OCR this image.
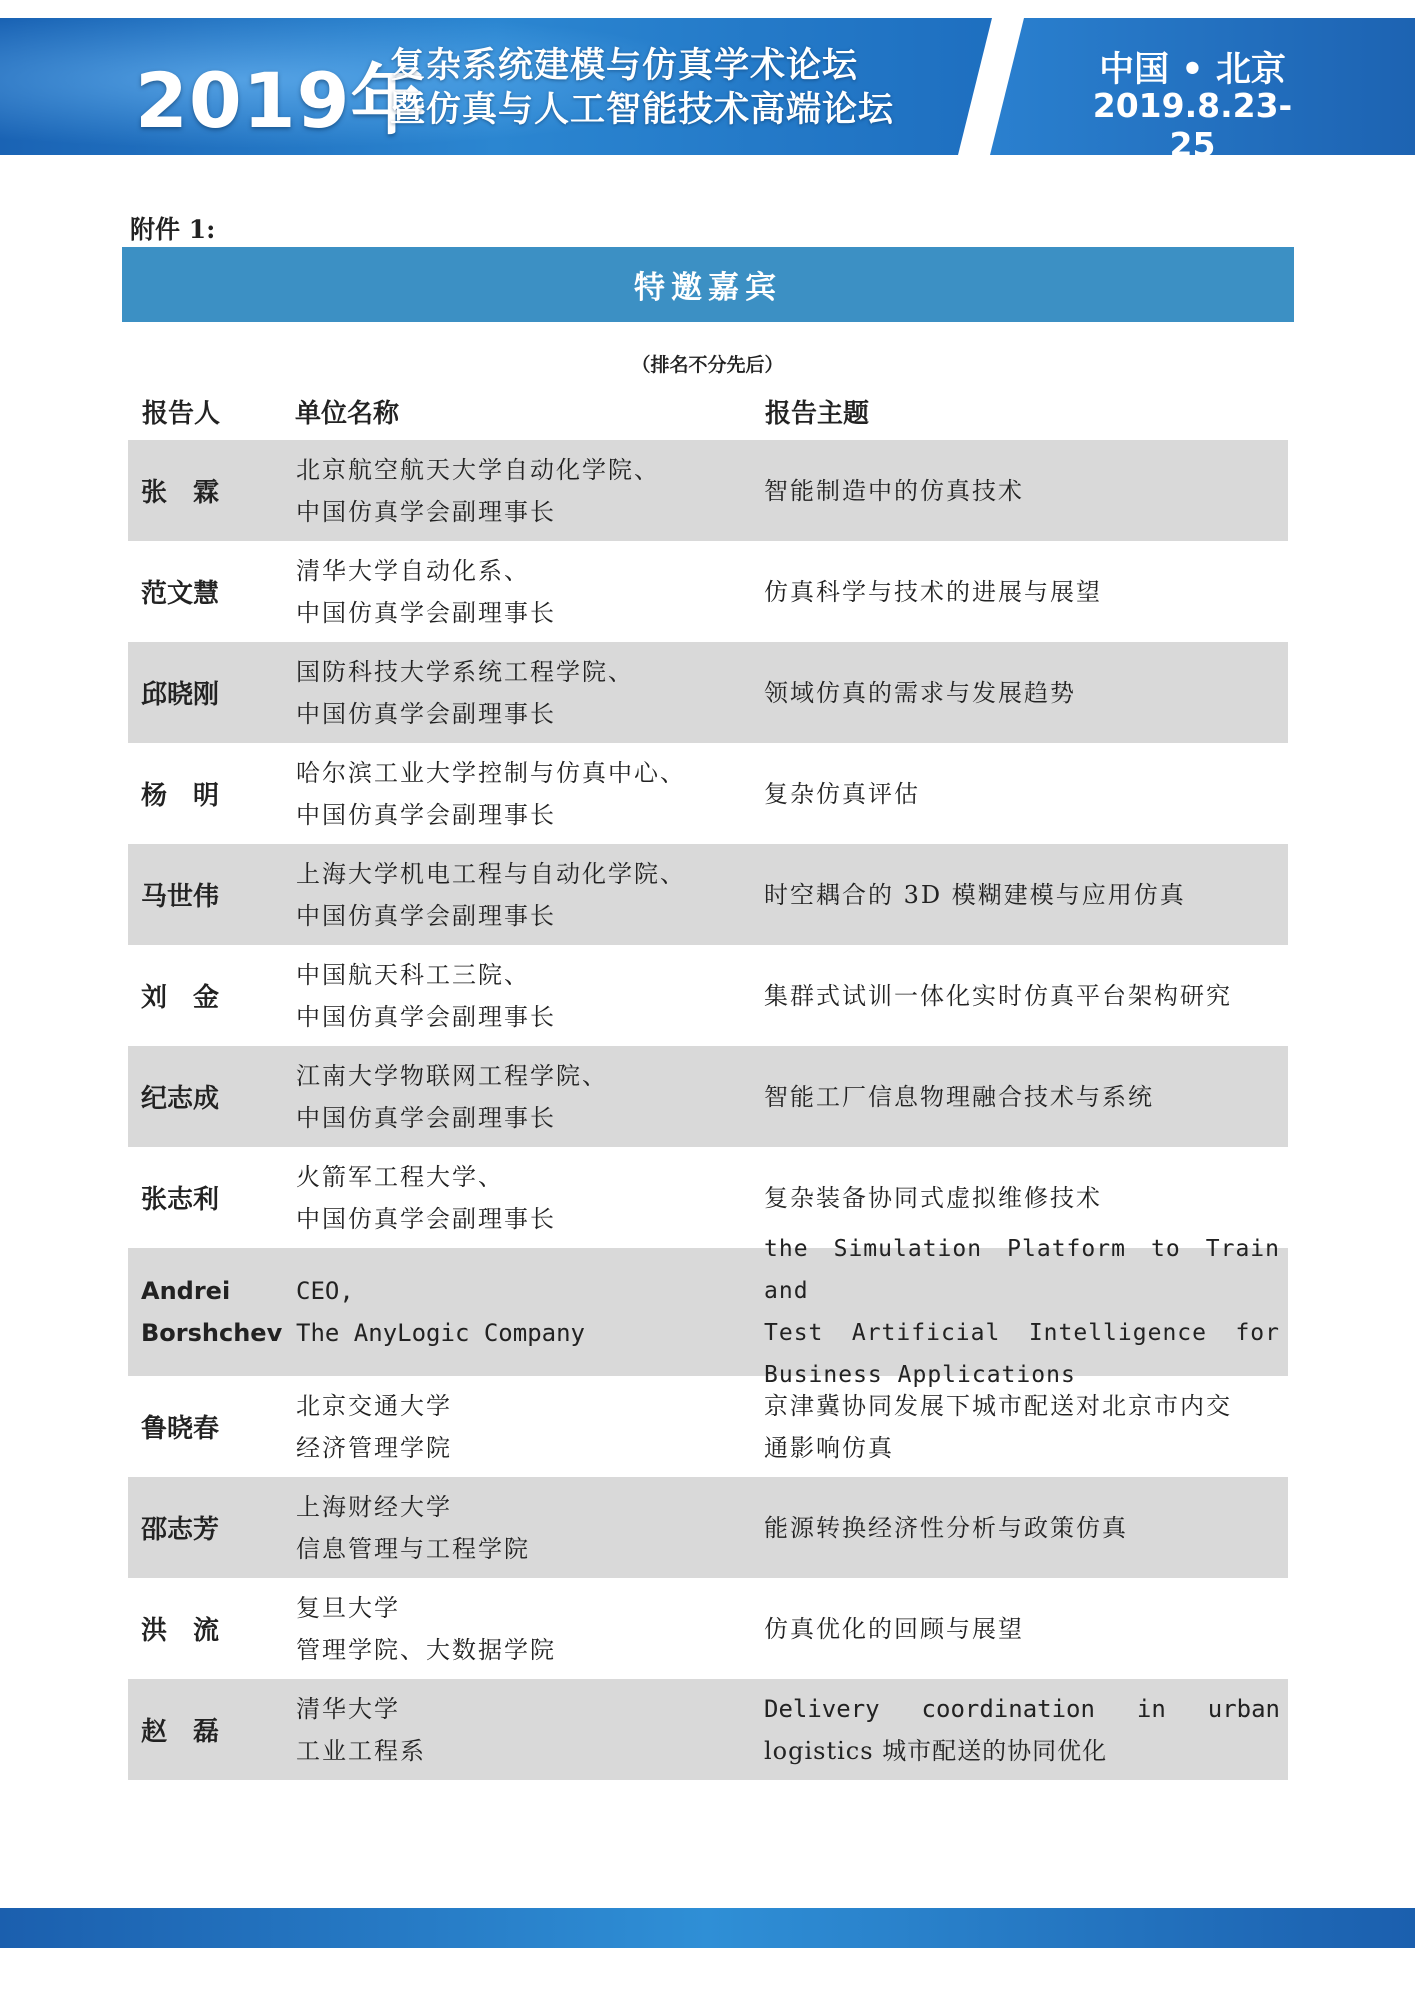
2019年
复杂系统建模与仿真学术论坛
暨仿真与人工智能技术高端论坛
中国 • 北京
2019.8.23-25
附件 1:
特邀嘉宾
（排名不分先后）
报告人	单位名称	报告主题
张　霖
北京航空航天大学自动化学院、
中国仿真学会副理事长
智能制造中的仿真技术
范文慧
清华大学自动化系、
中国仿真学会副理事长
仿真科学与技术的进展与展望
邱晓刚
国防科技大学系统工程学院、
中国仿真学会副理事长
领域仿真的需求与发展趋势
杨　明
哈尔滨工业大学控制与仿真中心、
中国仿真学会副理事长
复杂仿真评估
马世伟
上海大学机电工程与自动化学院、
中国仿真学会副理事长
时空耦合的 3D 模糊建模与应用仿真
刘　金
中国航天科工三院、
中国仿真学会副理事长
集群式试训一体化实时仿真平台架构研究
纪志成
江南大学物联网工程学院、
中国仿真学会副理事长
智能工厂信息物理融合技术与系统
张志利
火箭军工程大学、
中国仿真学会副理事长
复杂装备协同式虚拟维修技术
Andrei
Borshchev
CEO,
The AnyLogic Company
the Simulation Platform to Train and
Test Artificial Intelligence for
Business Applications
鲁晓春
北京交通大学
经济管理学院
京津冀协同发展下城市配送对北京市内交
通影响仿真
邵志芳
上海财经大学
信息管理与工程学院
能源转换经济性分析与政策仿真
洪　流
复旦大学
管理学院、大数据学院
仿真优化的回顾与展望
赵　磊
清华大学
工业工程系
Delivery coordination in urban
logistics 城市配送的协同优化
